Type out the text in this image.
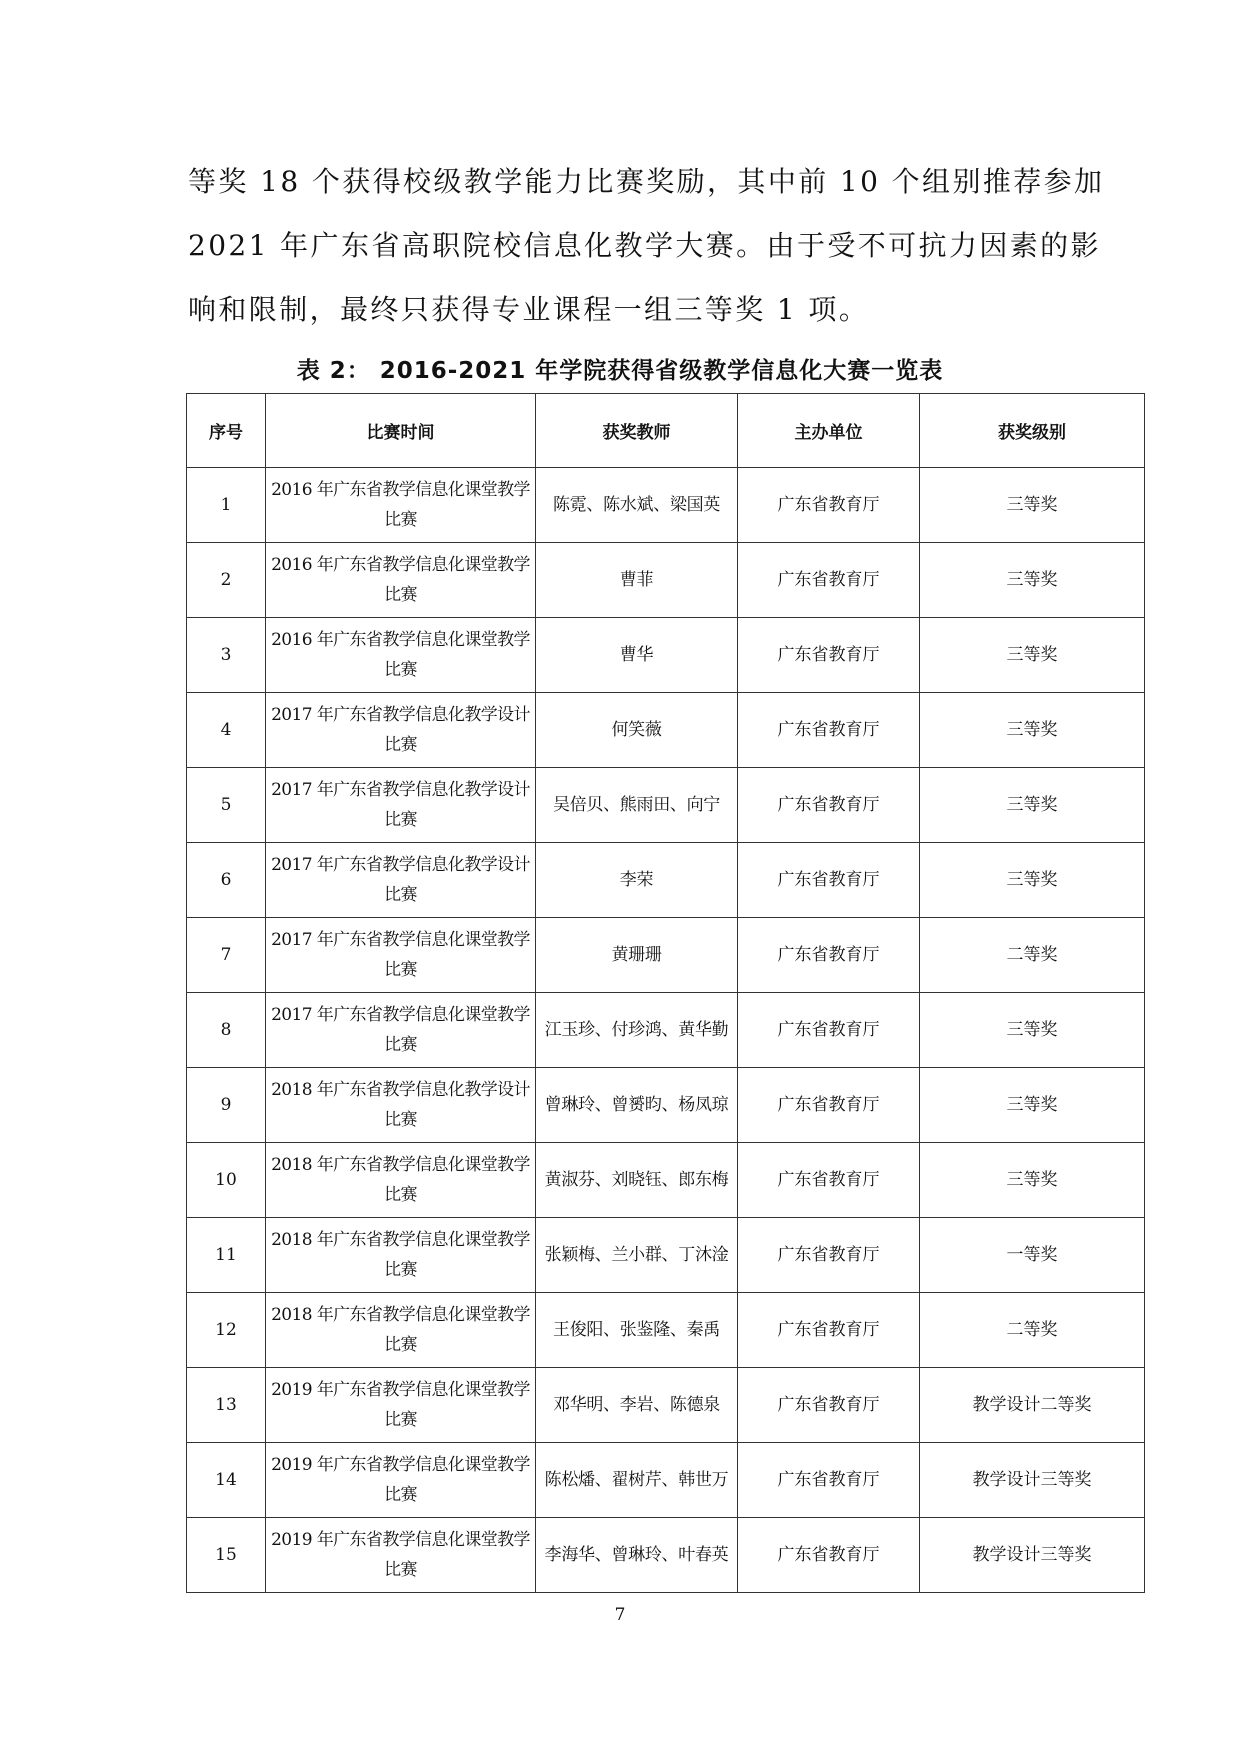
等奖 18 个获得校级教学能力比赛奖励，其中前 10 个组别推荐参加

2021 年广东省高职院校信息化教学大赛。由于受不可抗力因素的影

响和限制，最终只获得专业课程一组三等奖 1 项。

表 2： 2016-2021 年学院获得省级教学信息化大赛一览表
序号	比赛时间	获奖教师	主办单位	获奖级别
1	2016 年广东省教学信息化课堂教学比赛	陈霓、陈水斌、梁国英	广东省教育厅	三等奖
2	2016 年广东省教学信息化课堂教学比赛	曹菲	广东省教育厅	三等奖
3	2016 年广东省教学信息化课堂教学比赛	曹华	广东省教育厅	三等奖
4	2017 年广东省教学信息化教学设计比赛	何笑薇	广东省教育厅	三等奖
5	2017 年广东省教学信息化教学设计比赛	吴倍贝、熊雨田、向宁	广东省教育厅	三等奖
6	2017 年广东省教学信息化教学设计比赛	李荣	广东省教育厅	三等奖
7	2017 年广东省教学信息化课堂教学比赛	黄珊珊	广东省教育厅	二等奖
8	2017 年广东省教学信息化课堂教学比赛	江玉珍、付珍鸿、黄华勤	广东省教育厅	三等奖
9	2018 年广东省教学信息化教学设计比赛	曾琳玲、曾赟昀、杨凤琼	广东省教育厅	三等奖
10	2018 年广东省教学信息化课堂教学比赛	黄淑芬、刘晓钰、郎东梅	广东省教育厅	三等奖
11	2018 年广东省教学信息化课堂教学比赛	张颖梅、兰小群、丁沐淦	广东省教育厅	一等奖
12	2018 年广东省教学信息化课堂教学比赛	王俊阳、张鉴隆、秦禹	广东省教育厅	二等奖
13	2019 年广东省教学信息化课堂教学比赛	邓华明、李岩、陈德泉	广东省教育厅	教学设计二等奖
14	2019 年广东省教学信息化课堂教学比赛	陈松燔、翟树芹、韩世万	广东省教育厅	教学设计三等奖
15	2019 年广东省教学信息化课堂教学比赛	李海华、曾琳玲、叶春英	广东省教育厅	教学设计三等奖
7
